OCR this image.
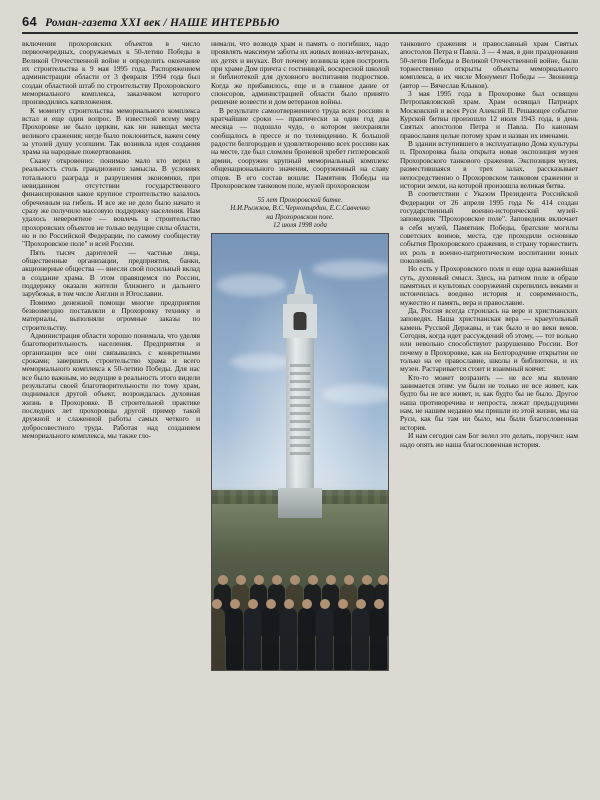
64 Роман-газета XXI век / НАШЕ ИНТЕРВЬЮ

включения прохоровских объектов в число первоочередных, сооружаемых к 50-летию Победы в Великой Отечественной войне и определить окончание их строительства к 9 мая 1995 года. Распоряжением администрации области от 3 февраля 1994 года был создан областной штаб по строительству Прохоровского мемориального комплекса, заказчиком которого производились капвложения.

К моменту строительства мемориального комплекса встал и еще один вопрос. В известной всему миру Прохоровке не было церкви, как ни навещал места великого сражения; негде было поклониться, важен сему за утолей душу усопшим. Так возникла идея создания храма на народные пожертвования.

Скажу откровенно: понимаю мало кто верил в реальность столь грандиозного замысла. В условиях тотального разграда и разрушения экономики, при невиданном отсутствии государственного финансирования какое крупное строительство казалось обреченным на гибель. И все же не дело было начато и сразу же получило массовую поддержку населения. Нам удалось невероятное — вовлечь в строительство прохоровских объектов не только ведущие силы области, но и по Российской Федерации, по самому сообществу "Прохоровское поле" и всей России.

Пять тысяч дарителей — частные лица, общественные организации, предприятия, банки, акционерные общества — внесли свой посильный вклад в создание храма. В этом правящемся по России, поддержку оказали жители ближнего и дальнего зарубежья, в том числе Англии и Югославии.

Помимо денежной помощи многие предприятия безвозмездно поставляли в Прохоровку технику и материалы, выполняли огромные заказы по строительству.

Администрация области хорошо понимала, что уделяя благотворительность населения. Предприятия и организации все они связывались с конкретными сроками; завершить строительство храма и всего мемориального комплекса к 50-летию Победы. Для нас все было важным, но ведущие в реальность этого видели результаты своей благотворительности по тому храм, поднимался другой объект, возрождалась духовная жизнь в Прохоровке. В строительной практике последних лет прохоровцы другой пример такой дружной и слаженной работы самых четкого и добросовестного труда. Работая над созданием мемориального комплекса, мы также гло-

нимали, что возводя храм и память о погибших, надо проявлять максимум заботы их живых воинах-ветеранах, их детях и внуках. Вот почему возникла идея построить при храме Дом причта с гостиницей, воскресной школой и библиотекой для духовного воспитания подростков. Когда же прибавилось, еще и в главное дание от спонсоров, администрацией области было принято решение возвести и дом ветеранов войны.

В результате самоотверженного труда всех россиян в кратчайшие сроки — практически за один год два месяца — подошло чудо, о котором неохраняли сообщалось в прессе и по телевидению. К большой радости белгородцев и удовлетворению всех россиян как на месте, где был сломлен броневой хребет гитлеровской армии, сооружен крупный мемориальный комплекс общенационального значения, сооруженный на славу отцов. В его состав вошли: Памятник Победы на Прохоровском танковом поле, музей прохоровском

55 лет Прохоровской битве.
Н.И.Рыжков, В.С.Черномырдин, Е.С.Савченко
на Прохоровском поле.
12 июля 1998 года

танкового сражения и православный храм Святых апостолов Петра и Павла. 3 — 4 мая, в дни празднования 50-летия Победы в Великой Отечественной войне, были торжественно открыты объекты мемориального комплекса, в их числе Монумент Победы — Звонница (автор — Вячеслав Клыков).

3 мая 1995 года в Прохоровке был освящен Петропавловский храм. Храм освящал Патриарх Московский и всея Руси Алексий II. Решающее событие Курской битвы произошло 12 июля 1943 года, в день Святых апостолов Петра и Павла. По канонам православия целые потому храм и назван их именами.

В здании вступившего в эксплуатацию Дома культуры п. Прохоровка была открыта новая экспозиция музея Прохоровского танкового сражения. Экспозиция музея, разместившаяся в трех залах, рассказывает непосредственно о Прохоровском танковом сражении и истории земли, на которой произошла великая битва.

В соответствии с Указом Президента Российской Федерации от 26 апреля 1995 года № 414 создан государственный военно-исторический музей-заповедник "Прохоровское поле". Заповедник включает в себя музей, Памятник Победы, братские могилы советских воинов, места, где проходили основные события Прохоровского сражения, и страну торжествить их роль в военно-патриотическом воспитании юных поколений.

Но есть у Прохоровского поля и еще одна важнейшая суть, духовный смысл. Здесь, на ратном поле в образе памятных и культовых сооружений скрепились веками и истончилась воедино история и современность, мужество и память, вера и православие.

Да, Россия всегда строилась на вере и христианских заповедях. Наша христианская вера — краеугольный камень Русской Державы, и так было и во веки веков. Сегодня, когда идет рассуждений об этому, — тот вольно или невольно способствуют разрушению России. Вот почему в Прохоровке, как на Белгородчине открытии не только на ее православие, школы и библиотеки, и их музеи. Растаривается стоит и взаимный ковчег.

Кто-то может возразить — не все мы явление занимается этим: ум были не только не все живет, как будто бы не все живет, и, как будто бы не было. Другое наша противоречива и непроста, лежат предыдущими нам, не нашим недавно мы пришли из этой жизни, мы на Руси, как бы там ни было, мы были благословенная история.

И нам сегодня сам Бог велел это делать, поручил: нам надо опять же наша благословенная история.
